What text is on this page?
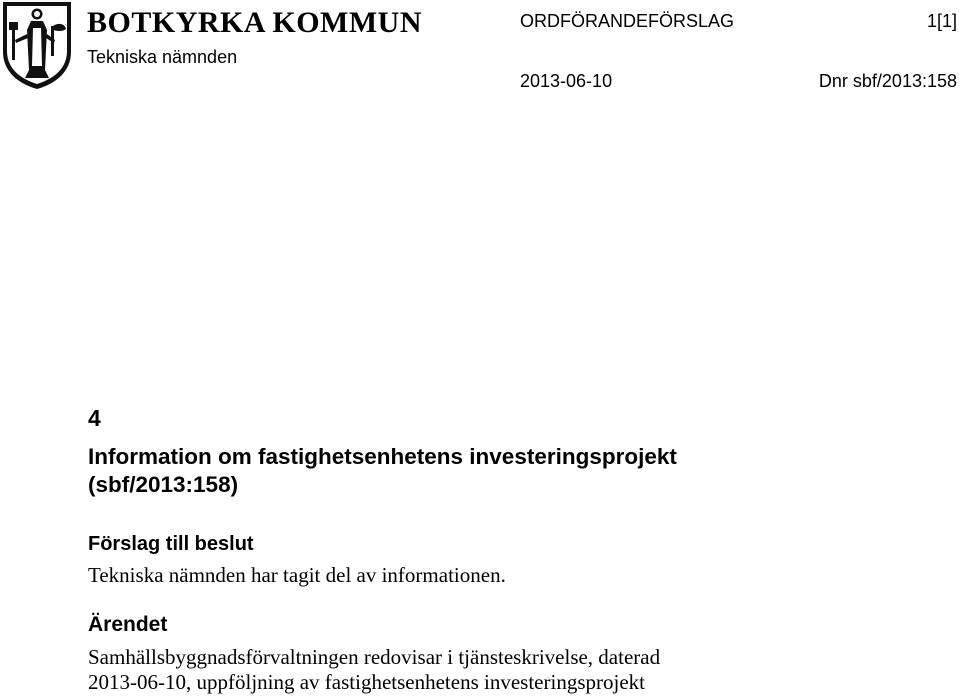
BOTKYRKA KOMMUN
Tekniska nämnden
ORDFÖRANDEFÖRSLAG	1[1]
2013-06-10	Dnr sbf/2013:158
4
Information om fastighetsenhetens investeringsprojekt
(sbf/2013:158)
Förslag till beslut
Tekniska nämnden har tagit del av informationen.
Ärendet
Samhällsbyggnadsförvaltningen redovisar i tjänsteskrivelse, daterad
2013-06-10, uppföljning av fastighetsenhetens investeringsprojekt
